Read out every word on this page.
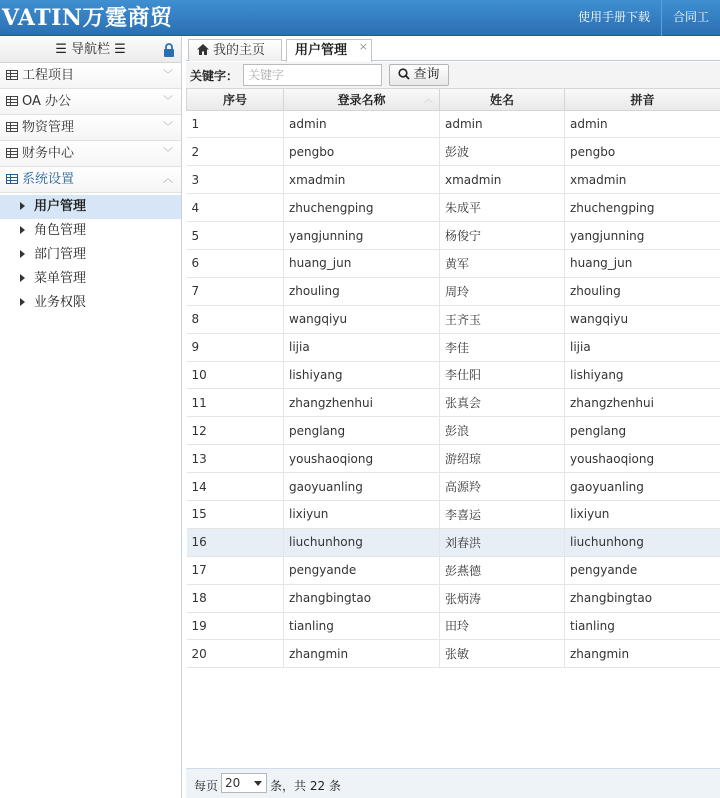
VATIN万霆商贸	使用手册下载	合同工
☰ 导航栏 ☰
工程项目	﹀
OA 办公	﹀
物资管理	﹀
财务中心	﹀
系统设置	︿
用户管理
角色管理
部门管理
菜单管理
业务权限
我的主页	用户管理 ×
关键字：
关键字	查询
序号	登录名称 ︿	姓名	拼音
1	admin	admin	admin
2	pengbo	彭波	pengbo
3	xmadmin	xmadmin	xmadmin
4	zhuchengping	朱成平	zhuchengping
5	yangjunning	杨俊宁	yangjunning
6	huang_jun	黄军	huang_jun
7	zhouling	周玲	zhouling
8	wangqiyu	王齐玉	wangqiyu
9	lijia	李佳	lijia
10	lishiyang	李仕阳	lishiyang
11	zhangzhenhui	张真会	zhangzhenhui
12	penglang	彭浪	penglang
13	youshaoqiong	游绍琼	youshaoqiong
14	gaoyuanling	高源羚	gaoyuanling
15	lixiyun	李喜运	lixiyun
16	liuchunhong	刘春洪	liuchunhong
17	pengyande	彭燕德	pengyande
18	zhangbingtao	张炳涛	zhangbingtao
19	tianling	田玲	tianling
20	zhangmin	张敏	zhangmin
每页 20	条，共 22 条
